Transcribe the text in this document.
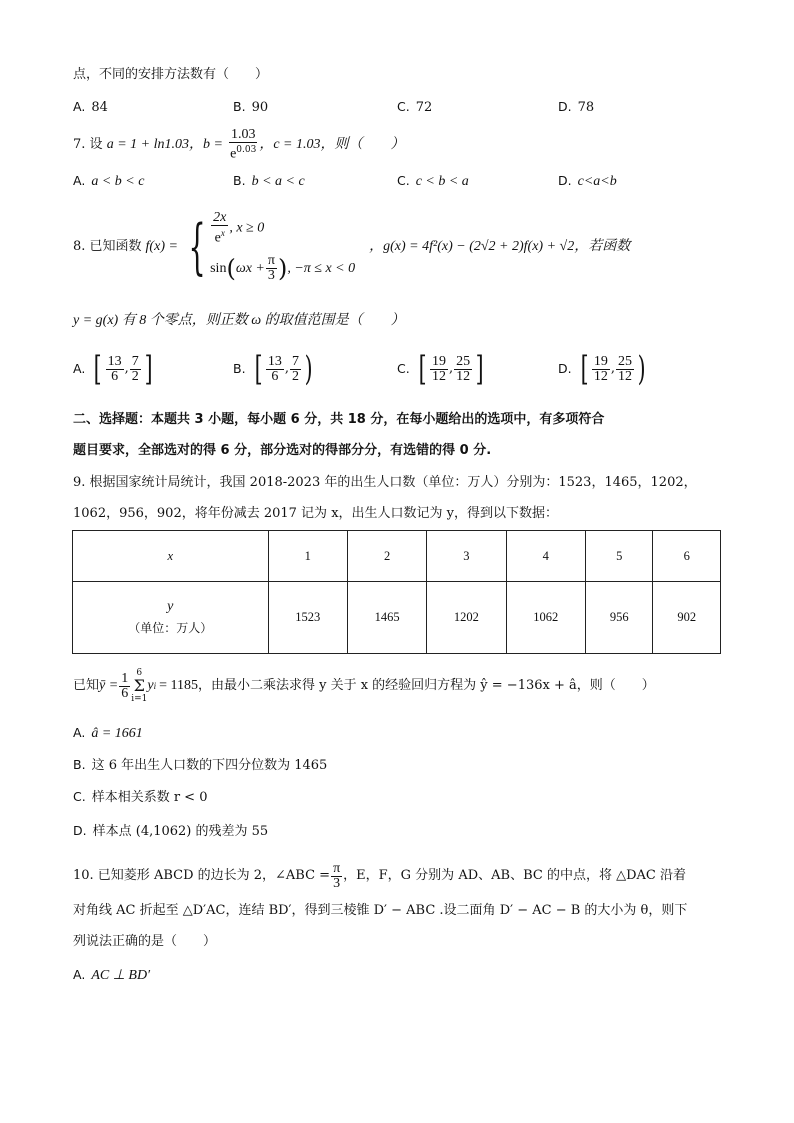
点，不同的安排方法数有（　　）
A. 84	B. 90	C. 72	D. 78
7. 设 a = 1 + ln1.03，$b = \frac{1.03}{e^{0.03}}$ ，c = 1.03，则（　　）
A. a < b < c	B. b < a < c	C. c < b < a	D. c<a<b
8. 已知函数 f(x) = { $\frac{2x}{e^x}$ , x ≥ 0
$\sin(\omega x + \frac{\pi}{3}$ ), −π ≤ x < 0
，g(x) = 4f²(x) − (2√2 + 2)f(x) + √2，若函数
y = g(x) 有 8 个零点，则正数 ω 的取值范围是（　　）
A. [ $\frac{13}{6}$ , $\frac{7}{2}$ ]	B. [ $\frac{13}{6}$ , $\frac{7}{2}$ )	C. [ $\frac{19}{12}$ , $\frac{25}{12}$ ]	D. [ $\frac{19}{12}$ , $\frac{25}{12}$ )
二、选择题：本题共 3 小题，每小题 6 分，共 18 分，在每小题给出的选项中，有多项符合
题目要求，全部选对的得 6 分，部分选对的得部分分，有选错的得 0 分.
9. 根据国家统计局统计，我国 2018-2023 年的出生人口数（单位：万人）分别为：1523，1465，1202，
1062，956，902，将年份减去 2017 记为 x，出生人口数记为 y，得到以下数据：
x	1	2	3	4	5	6

y
（单位：万人）	1523	1465	1202	1062	956	902
已知 ȳ = $\frac{1}{6} 6$
Σ
i=1
y i = 1185 ，由最小二乘法求得 y 关于 x 的经验回归方程为 ŷ = −136x + â，则（　　）
A. â = 1661
B. 这 6 年出生人口数的下四分位数为 1465
C. 样本相关系数 r < 0
D. 样本点 (4,1062) 的残差为 55
10. 已知菱形 ABCD 的边长为 2，∠ABC = $\frac{\pi}{3}$ ，E，F，G 分别为 AD、AB、BC 的中点，将 △DAC 沿着
对角线 AC 折起至 △D′AC，连结 BD′，得到三棱锥 D′ − ABC .设二面角 D′ − AC − B 的大小为 θ，则下
列说法正确的是（　　）
A. AC ⊥ BD′
